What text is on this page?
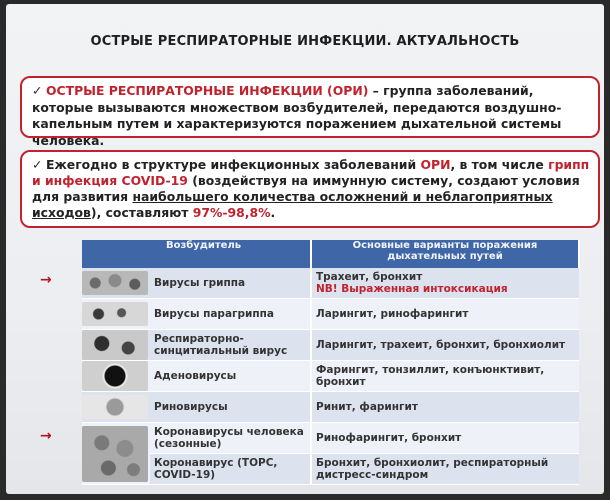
ОСТРЫЕ РЕСПИРАТОРНЫЕ ИНФЕКЦИИ. АКТУАЛЬНОСТЬ
✓ ОСТРЫЕ РЕСПИРАТОРНЫЕ ИНФЕКЦИИ (ОРИ) – группа заболеваний, которые вызываются множеством возбудителей, передаются воздушно-капельным путем и характеризуются поражением дыхательной системы человека.
✓ Ежегодно в структуре инфекционных заболеваний ОРИ, в том числе грипп и инфекция COVID-19 (воздействуя на иммунную систему, создают условия для развития наибольшего количества осложнений и неблагоприятных исходов), составляют 97%-98,8%.
→
→
Возбудитель		Основные варианты поражения дыхательных путей

	Вирусы гриппа	Трахеит, бронхит
NB! Выраженная интоксикация

	Вирусы парагриппа	Ларингит, ринофарингит

	Респираторно-синцитиальный вирус	Ларингит, трахеит, бронхит, бронхиолит

	Аденовирусы	Фарингит, тонзиллит, конъюнктивит, бронхит

	Риновирусы	Ринит, фарингит

	Коронавирусы человека (сезонные)	Ринофарингит, бронхит
	Коронавирус (ТОРС, COVID-19)	Бронхит, бронхиолит, респираторный дистресс-синдром
